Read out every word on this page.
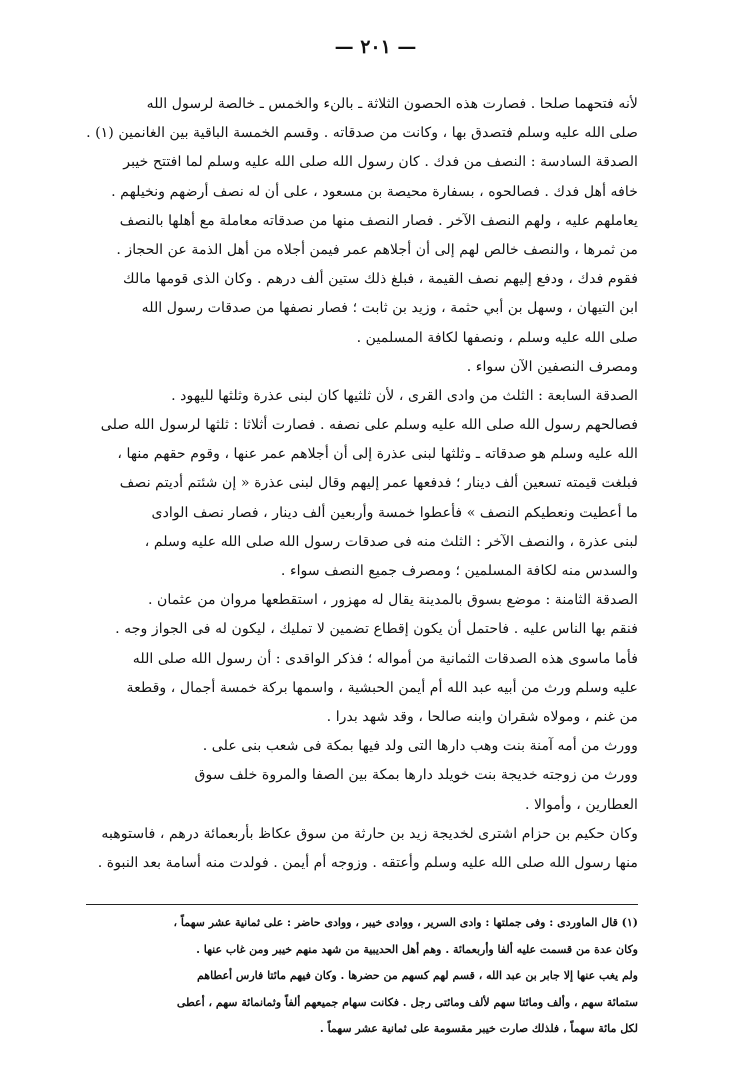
— ٢٠١ —

لأنه فتحهما صلحا . فصارت هذه الحصون الثلاثة ـ بالنء والخمس ـ خالصة لرسول الله

صلى الله عليه وسلم فتصدق بها ، وكانت من صدقاته . وقسم الخمسة الباقية بين الغانمين (١) .

الصدقة السادسة : النصف من فدك . كان رسول الله صلى الله عليه وسلم لما افتتح خيبر

خافه أهل فدك . فصالحوه ، بسفارة محيصة بن مسعود ، على أن له نصف أرضهم ونخيلهم .

يعاملهم عليه ، ولهم النصف الآخر . فصار النصف منها من صدقاته معاملة مع أهلها بالنصف

من ثمرها ، والنصف خالص لهم إلى أن أجلاهم عمر فيمن أجلاه من أهل الذمة عن الحجاز .

فقوم فدك ، ودفع إليهم نصف القيمة ، فبلغ ذلك ستين ألف درهم . وكان الذى قومها مالك

ابن التيهان ، وسهل بن أبي حثمة ، وزيد بن ثابت ؛ فصار نصفها من صدقات رسول الله

صلى الله عليه وسلم ، ونصفها لكافة المسلمين .

ومصرف النصفين الآن سواء .

الصدقة السابعة : الثلث من وادى القرى ، لأن ثلثيها كان لبنى عذرة وثلثها لليهود .

فصالحهم رسول الله صلى الله عليه وسلم على نصفه . فصارت أثلاثا : ثلثها لرسول الله صلى

الله عليه وسلم هو صدقاته ـ وثلثها لبنى عذرة إلى أن أجلاهم عمر عنها ، وقوم حقهم منها ،

فبلغت قيمته تسعين ألف دينار ؛ فدفعها عمر إليهم وقال لبنى عذرة « إن شئتم أديتم نصف

ما أعطيت ونعطيكم النصف » فأعطوا خمسة وأربعين ألف دينار ، فصار نصف الوادى

لبنى عذرة ، والنصف الآخر : الثلث منه فى صدقات رسول الله صلى الله عليه وسلم ،

والسدس منه لكافة المسلمين ؛ ومصرف جميع النصف سواء .

الصدقة الثامنة : موضع بسوق بالمدينة يقال له مهزور ، استقطعها مروان من عثمان .

فنقم بها الناس عليه . فاحتمل أن يكون إقطاع تضمين لا تمليك ، ليكون له فى الجواز وجه .

فأما ماسوى هذه الصدقات الثمانية من أمواله ؛ فذكر الواقدى : أن رسول الله صلى الله

عليه وسلم ورث من أبيه عبد الله أم أيمن الحبشية ، واسمها بركة خمسة أجمال ، وقطعة

من غنم ، ومولاه شقران وابنه صالحا ، وقد شهد بدرا .

وورث من أمه آمنة بنت وهب دارها التى ولد فيها بمكة فى شعب بنى على .

وورث من زوجته خديجة بنت خويلد دارها بمكة بين الصفا والمروة خلف سوق

العطارين ، وأموالا .

وكان حكيم بن حزام اشترى لخديجة زيد بن حارثة من سوق عكاظ بأربعمائة درهم ، فاستوهبه

منها رسول الله صلى الله عليه وسلم وأعتقه . وزوجه أم أيمن . فولدت منه أسامة بعد النبوة .

(١) قال الماوردى : وفى جملتها : وادى السرير ، ووادى خيبر ، ووادى حاضر : على ثمانية عشر سهماً ،

وكان عدة من قسمت عليه ألفا وأربعمائة . وهم أهل الحديبية من شهد منهم خيبر ومن غاب عنها .

ولم يغب عنها إلا جابر بن عبد الله ، قسم لهم كسهم من حضرها . وكان فيهم مائتا فارس أعطاهم

ستمائة سهم ، وألف ومائتا سهم لألف ومائتى رجل . فكانت سهام جميعهم ألفاً وثمانمائة سهم ، أعطى

لكل مائة سهماً ، فلذلك صارت خيبر مقسومة على ثمانية عشر سهماً .
